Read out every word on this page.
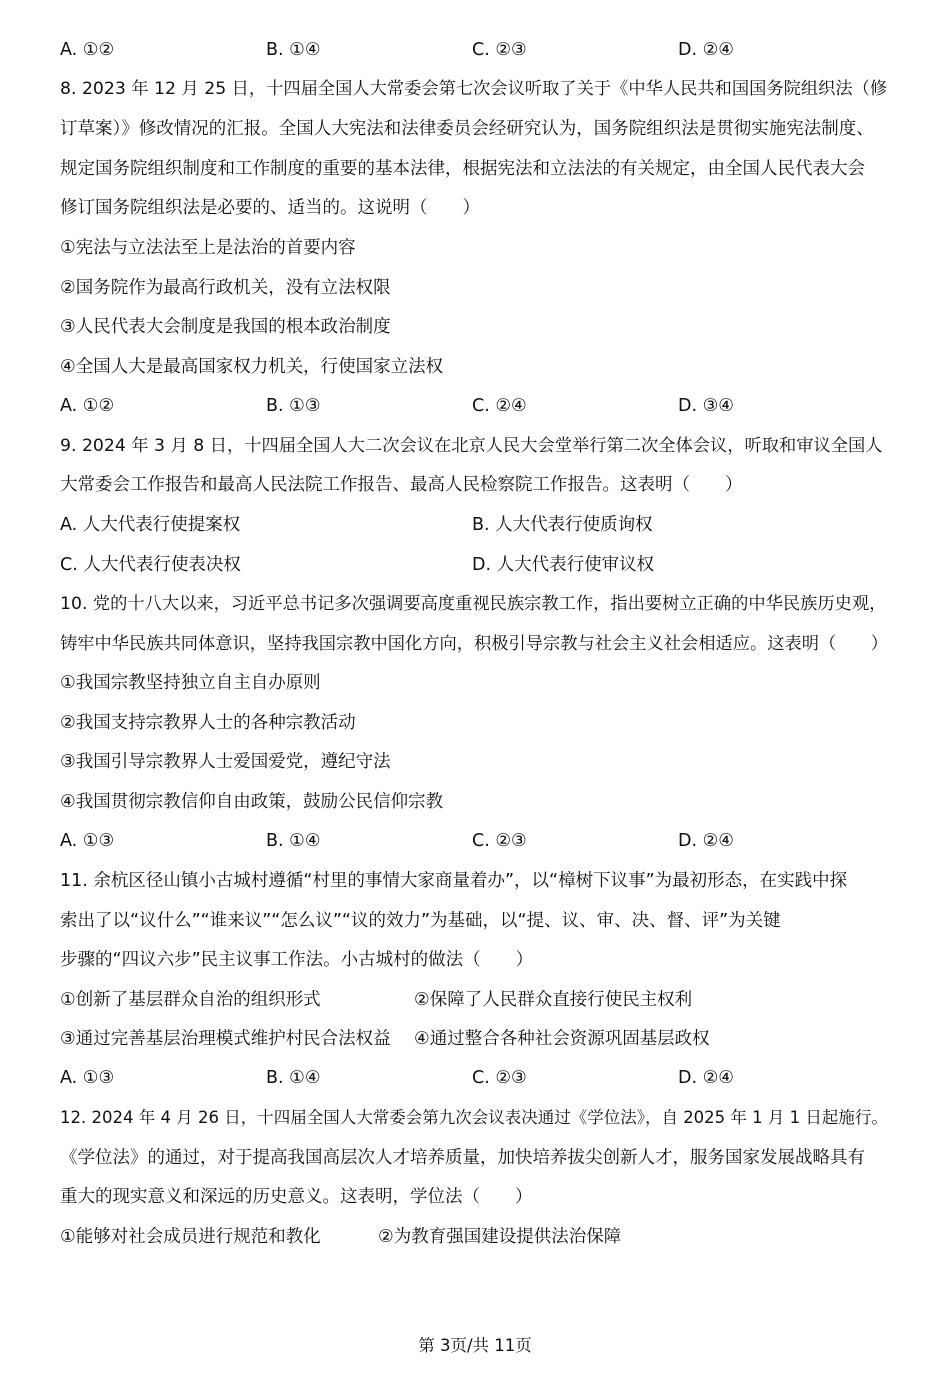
A. ①②	B. ①④	C. ②③	D. ②④
8. 2023 年 12 月 25 日，十四届全国人大常委会第七次会议听取了关于《中华人民共和国国务院组织法（修
订草案）》修改情况的汇报。全国人大宪法和法律委员会经研究认为，国务院组织法是贯彻实施宪法制度、
规定国务院组织制度和工作制度的重要的基本法律，根据宪法和立法法的有关规定，由全国人民代表大会
修订国务院组织法是必要的、适当的。这说明（　　）
①宪法与立法法至上是法治的首要内容
②国务院作为最高行政机关，没有立法权限
③人民代表大会制度是我国的根本政治制度
④全国人大是最高国家权力机关，行使国家立法权
A. ①②	B. ①③	C. ②④	D. ③④
9. 2024 年 3 月 8 日，十四届全国人大二次会议在北京人民大会堂举行第二次全体会议，听取和审议全国人
大常委会工作报告和最高人民法院工作报告、最高人民检察院工作报告。这表明（　　）
A. 人大代表行使提案权	B. 人大代表行使质询权
C. 人大代表行使表决权	D. 人大代表行使审议权
10. 党的十八大以来，习近平总书记多次强调要高度重视民族宗教工作，指出要树立正确的中华民族历史观，
铸牢中华民族共同体意识，坚持我国宗教中国化方向，积极引导宗教与社会主义社会相适应。这表明（　　）
①我国宗教坚持独立自主自办原则
②我国支持宗教界人士的各种宗教活动
③我国引导宗教界人士爱国爱党，遵纪守法
④我国贯彻宗教信仰自由政策，鼓励公民信仰宗教
A. ①③	B. ①④	C. ②③	D. ②④
11. 余杭区径山镇小古城村遵循“村里的事情大家商量着办”，以“樟树下议事”为最初形态，在实践中探
索出了以“议什么”“谁来议”“怎么议”“议的效力”为基础，以“提、议、审、决、督、评”为关键
步骤的“四议六步”民主议事工作法。小古城村的做法（　　）
①创新了基层群众自治的组织形式	②保障了人民群众直接行使民主权利
③通过完善基层治理模式维护村民合法权益 ④通过整合各种社会资源巩固基层政权
A. ①③	B. ①④	C. ②③	D. ②④
12. 2024 年 4 月 26 日，十四届全国人大常委会第九次会议表决通过《学位法》，自 2025 年 1 月 1 日起施行。
《学位法》的通过，对于提高我国高层次人才培养质量，加快培养拔尖创新人才，服务国家发展战略具有
重大的现实意义和深远的历史意义。这表明，学位法（　　）
①能够对社会成员进行规范和教化	②为教育强国建设提供法治保障
第 3页/共 11页
